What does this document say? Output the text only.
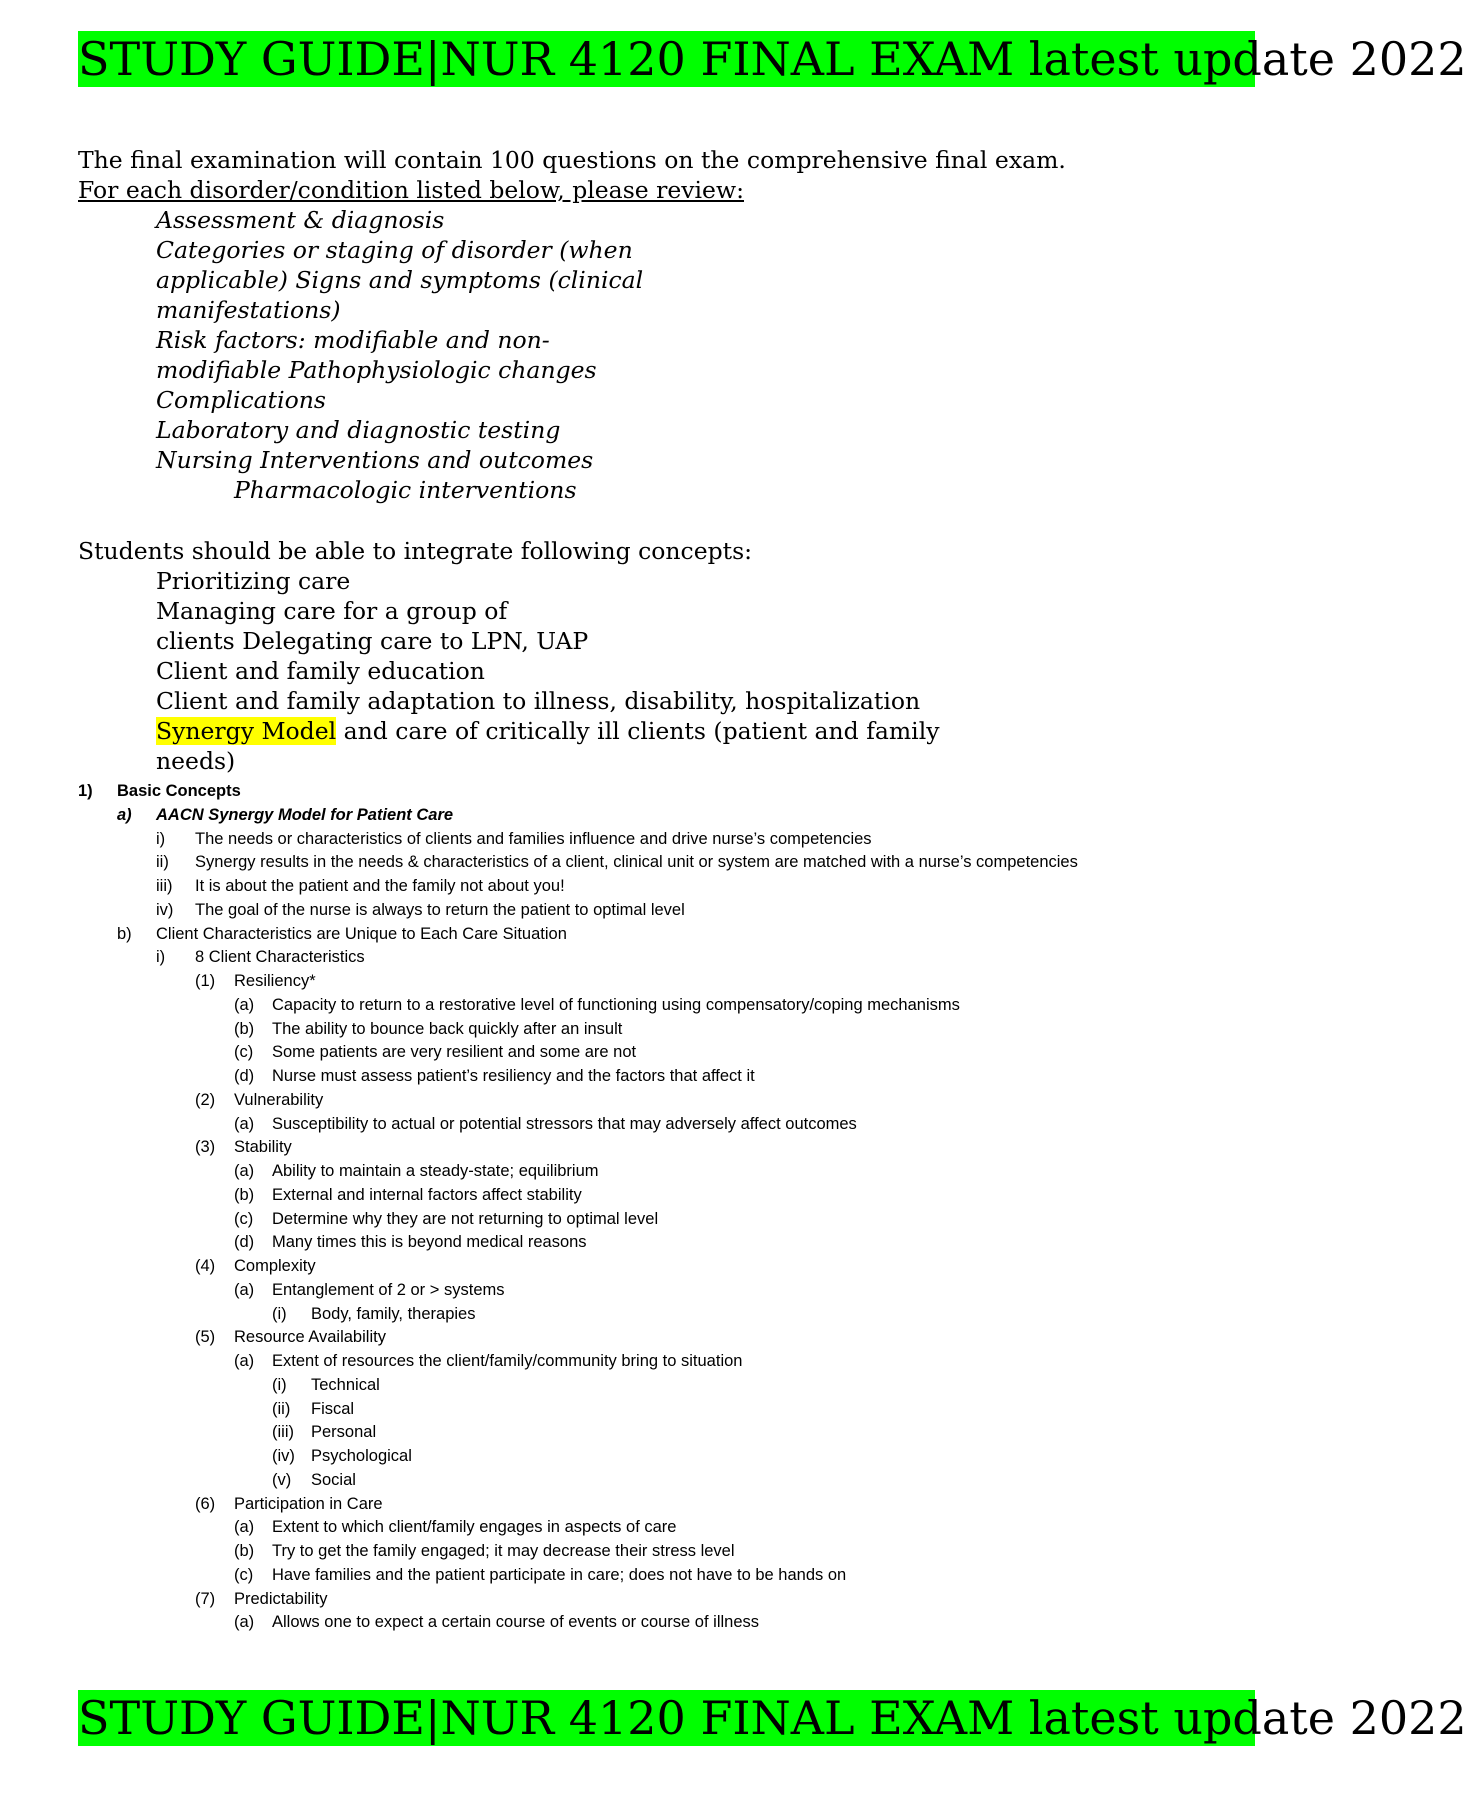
STUDY GUIDE|NUR 4120 FINAL EXAM latest update 2022
The final examination will contain 100 questions on the comprehensive final exam.
For each disorder/condition listed below, please review:
Assessment & diagnosis
Categories or staging of disorder (when
applicable) Signs and symptoms (clinical
manifestations)
Risk factors: modifiable and non-
modifiable Pathophysiologic changes
Complications
Laboratory and diagnostic testing
Nursing Interventions and outcomes
Pharmacologic interventions
Students should be able to integrate following concepts:
Prioritizing care
Managing care for a group of
clients Delegating care to LPN, UAP
Client and family education
Client and family adaptation to illness, disability, hospitalization
Synergy Model and care of critically ill clients (patient and family
needs)
1) Basic Concepts
a) AACN Synergy Model for Patient Care
i) The needs or characteristics of clients and families influence and drive nurse’s competencies
ii) Synergy results in the needs & characteristics of a client, clinical unit or system are matched with a nurse’s competencies
iii) It is about the patient and the family not about you!
iv) The goal of the nurse is always to return the patient to optimal level
b) Client Characteristics are Unique to Each Care Situation
i) 8 Client Characteristics
(1) Resiliency*
(a) Capacity to return to a restorative level of functioning using compensatory/coping mechanisms
(b) The ability to bounce back quickly after an insult
(c) Some patients are very resilient and some are not
(d) Nurse must assess patient’s resiliency and the factors that affect it
(2) Vulnerability
(a) Susceptibility to actual or potential stressors that may adversely affect outcomes
(3) Stability
(a) Ability to maintain a steady-state; equilibrium
(b) External and internal factors affect stability
(c) Determine why they are not returning to optimal level
(d) Many times this is beyond medical reasons
(4) Complexity
(a) Entanglement of 2 or > systems
(i) Body, family, therapies
(5) Resource Availability
(a) Extent of resources the client/family/community bring to situation
(i) Technical
(ii) Fiscal
(iii) Personal
(iv) Psychological
(v) Social
(6) Participation in Care
(a) Extent to which client/family engages in aspects of care
(b) Try to get the family engaged; it may decrease their stress level
(c) Have families and the patient participate in care; does not have to be hands on
(7) Predictability
(a) Allows one to expect a certain course of events or course of illness
STUDY GUIDE|NUR 4120 FINAL EXAM latest update 2022
